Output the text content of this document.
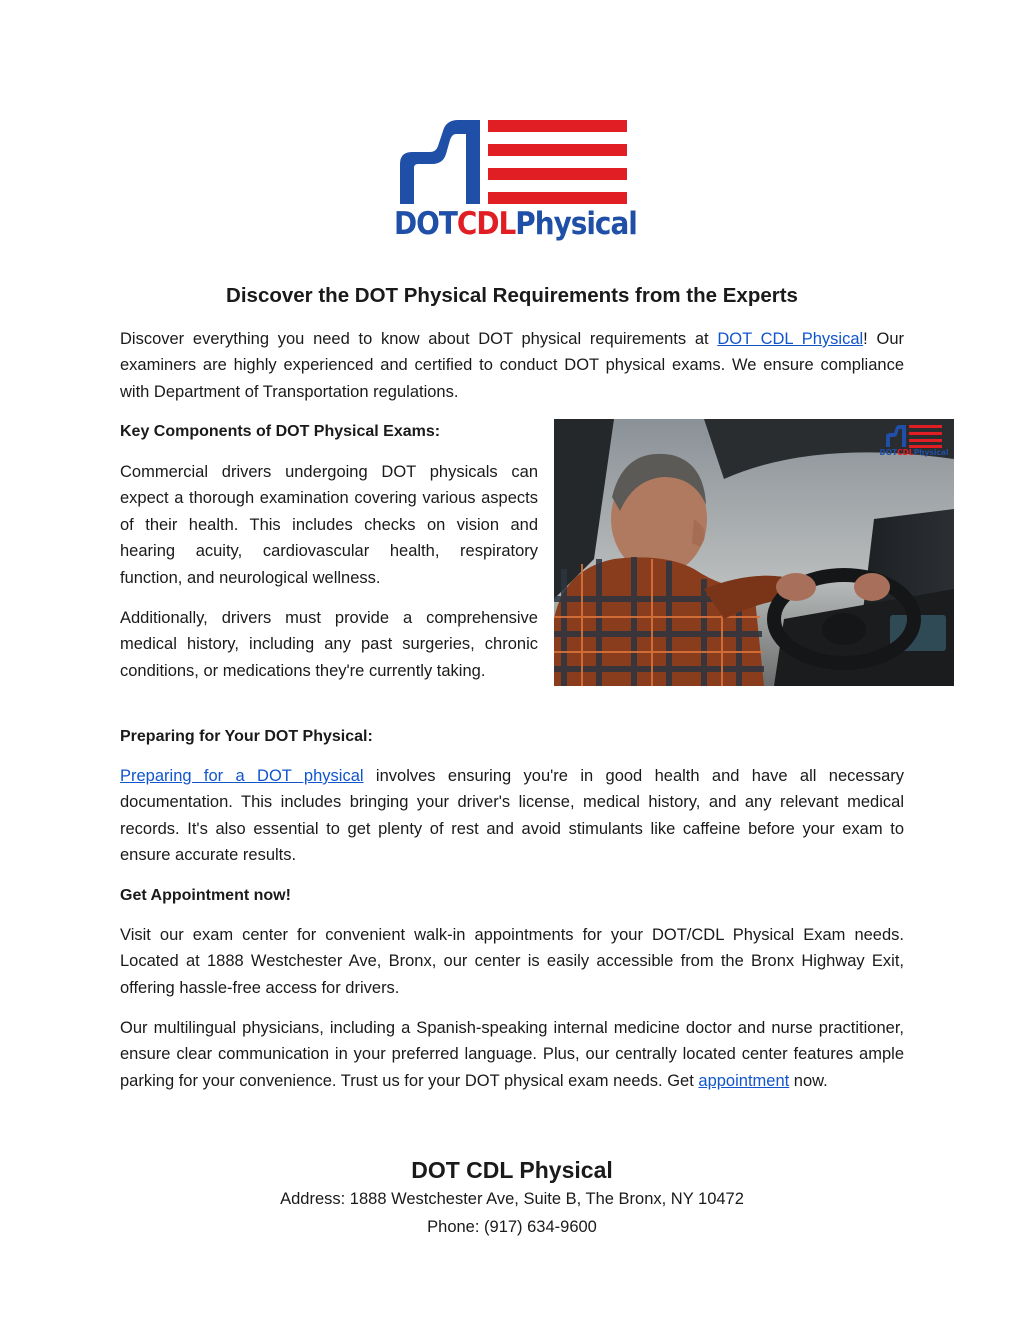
DOTCDLPhysical
Discover the DOT Physical Requirements from the Experts

Discover everything you need to know about DOT physical requirements at DOT CDL Physical! Our examiners are highly experienced and certified to conduct DOT physical exams. We ensure compliance with Department of Transportation regulations.

Key Components of DOT Physical Exams:

Commercial drivers undergoing DOT physicals can expect a thorough examination covering various aspects of their health. This includes checks on vision and hearing acuity, cardiovascular health, respiratory function, and neurological wellness.

Additionally, drivers must provide a comprehensive medical history, including any past surgeries, chronic conditions, or medications they're currently taking.

DOTCDLPhysical

Preparing for Your DOT Physical:

Preparing for a DOT physical involves ensuring you're in good health and have all necessary documentation. This includes bringing your driver's license, medical history, and any relevant medical records. It's also essential to get plenty of rest and avoid stimulants like caffeine before your exam to ensure accurate results.

Get Appointment now!

Visit our exam center for convenient walk-in appointments for your DOT/CDL Physical Exam needs. Located at 1888 Westchester Ave, Bronx, our center is easily accessible from the Bronx Highway Exit, offering hassle-free access for drivers.

Our multilingual physicians, including a Spanish-speaking internal medicine doctor and nurse practitioner, ensure clear communication in your preferred language. Plus, our centrally located center features ample parking for your convenience. Trust us for your DOT physical exam needs. Get appointment now.

DOT CDL Physical
Address: 1888 Westchester Ave, Suite B, The Bronx, NY 10472
Phone: (917) 634-9600
